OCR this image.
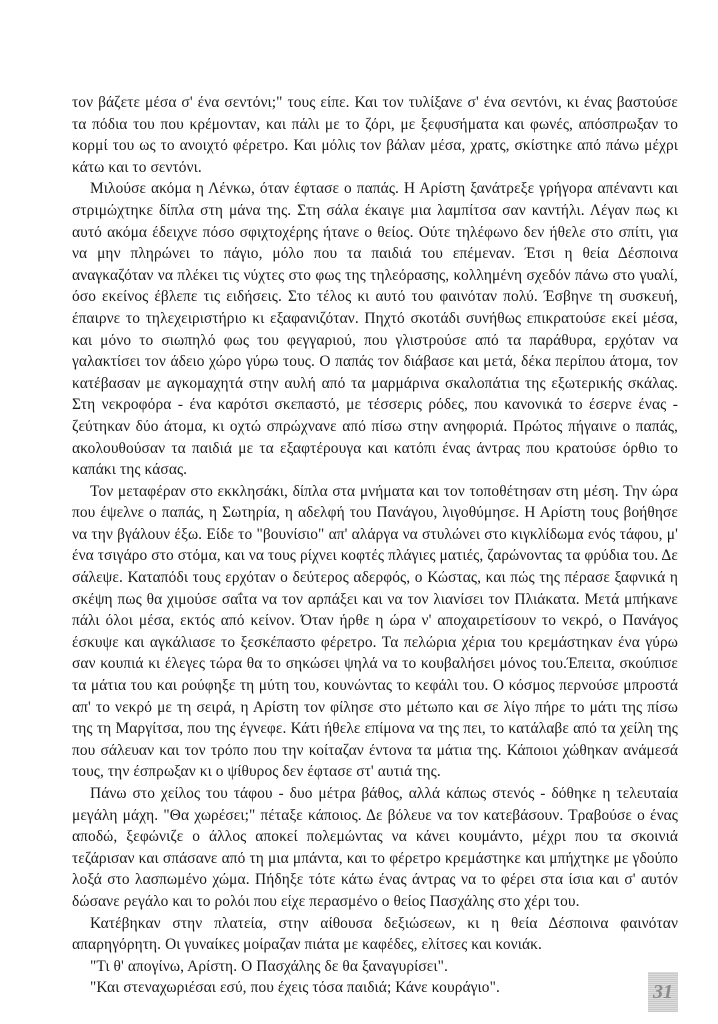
τον βάζετε μέσα σ' ένα σεντόνι;" τους είπε. Και τον τυλίξανε σ' ένα σεντόνι, κι ένας βαστούσε τα πόδια του που κρέμονταν, και πάλι με το ζόρι, με ξεφυσήματα και φωνές, απόσπρωξαν το κορμί του ως το ανοιχτό φέρετρο. Και μόλις τον βάλαν μέσα, χρατς, σκίστηκε από πάνω μέχρι κάτω και το σεντόνι.

Μιλούσε ακόμα η Λένκω, όταν έφτασε ο παπάς. Η Αρίστη ξανάτρεξε γρήγορα απέναντι και στριμώχτηκε δίπλα στη μάνα της. Στη σάλα έκαιγε μια λαμπίτσα σαν καντήλι. Λέγαν πως κι αυτό ακόμα έδειχνε πόσο σφιχτοχέρης ήτανε ο θείος. Ούτε τηλέφωνο δεν ήθελε στο σπίτι, για να μην πληρώνει το πάγιο, μόλο που τα παιδιά του επέμεναν. Έτσι η θεία Δέσποινα αναγκαζόταν να πλέκει τις νύχτες στο φως της τηλεόρασης, κολλημένη σχεδόν πάνω στο γυαλί, όσο εκείνος έβλεπε τις ειδήσεις. Στο τέλος κι αυτό του φαινόταν πολύ. Έσβηνε τη συσκευή, έπαιρνε το τηλεχειριστήριο κι εξαφανιζόταν. Πηχτό σκοτάδι συνήθως επικρατούσε εκεί μέσα, και μόνο το σιωπηλό φως του φεγγαριού, που γλιστρούσε από τα παράθυρα, ερχόταν να γαλακτίσει τον άδειο χώρο γύρω τους. Ο παπάς τον διάβασε και μετά, δέκα περίπου άτομα, τον κατέβασαν με αγκομαχητά στην αυλή από τα μαρμάρινα σκαλοπάτια της εξωτερικής σκάλας. Στη νεκροφόρα - ένα καρότσι σκεπαστό, με τέσσερις ρόδες, που κανονικά το έσερνε ένας - ζεύτηκαν δύο άτομα, κι οχτώ σπρώχνανε από πίσω στην ανηφοριά. Πρώτος πήγαινε ο παπάς, ακολουθούσαν τα παιδιά με τα εξαφτέρουγα και κατόπι ένας άντρας που κρατούσε όρθιο το καπάκι της κάσας.

Τον μεταφέραν στο εκκλησάκι, δίπλα στα μνήματα και τον τοποθέτησαν στη μέση. Την ώρα που έψελνε ο παπάς, η Σωτηρία, η αδελφή του Πανάγου, λιγοθύμησε. Η Αρίστη τους βοήθησε να την βγάλουν έξω. Είδε το "βουνίσιο" απ' αλάργα να στυλώνει στο κιγκλίδωμα ενός τάφου, μ' ένα τσιγάρο στο στόμα, και να τους ρίχνει κοφτές πλάγιες ματιές, ζαρώνοντας τα φρύδια του. Δε σάλεψε. Καταπόδι τους ερχόταν ο δεύτερος αδερφός, ο Κώστας, και πώς της πέρασε ξαφνικά η σκέψη πως θα χιμούσε σαΐτα να τον αρπάξει και να τον λιανίσει τον Πλιάκατα. Μετά μπήκανε πάλι όλοι μέσα, εκτός από κείνον. Όταν ήρθε η ώρα ν' αποχαιρετίσουν το νεκρό, ο Πανάγος έσκυψε και αγκάλιασε το ξεσκέπαστο φέρετρο. Τα πελώρια χέρια του κρεμάστηκαν ένα γύρω σαν κουπιά κι έλεγες τώρα θα το σηκώσει ψηλά να το κουβαλήσει μόνος του.Έπειτα, σκούπισε τα μάτια του και ρούφηξε τη μύτη του, κουνώντας το κεφάλι του. Ο κόσμος περνούσε μπροστά απ' το νεκρό με τη σειρά, η Αρίστη τον φίλησε στο μέτωπο και σε λίγο πήρε το μάτι της πίσω της τη Μαργίτσα, που της έγνεφε. Κάτι ήθελε επίμονα να της πει, το κατάλαβε από τα χείλη της που σάλευαν και τον τρόπο που την κοίταζαν έντονα τα μάτια της. Κάποιοι χώθηκαν ανάμεσά τους, την έσπρωξαν κι ο ψίθυρος δεν έφτασε στ' αυτιά της.

Πάνω στο χείλος του τάφου - δυο μέτρα βάθος, αλλά κάπως στενός - δόθηκε η τελευταία μεγάλη μάχη. "Θα χωρέσει;" πέταξε κάποιος. Δε βόλευε να τον κατεβάσουν. Τραβούσε ο ένας αποδώ, ξεφώνιζε ο άλλος αποκεί πολεμώντας να κάνει κουμάντο, μέχρι που τα σκοινιά τεζάρισαν και σπάσανε από τη μια μπάντα, και το φέρετρο κρεμάστηκε και μπήχτηκε με γδούπο λοξά στο λασπωμένο χώμα. Πήδηξε τότε κάτω ένας άντρας να το φέρει στα ίσια και σ' αυτόν δώσανε ρεγάλο και το ρολόι που είχε περασμένο ο θείος Πασχάλης στο χέρι του.

Κατέβηκαν στην πλατεία, στην αίθουσα δεξιώσεων, κι η θεία Δέσποινα φαινόταν απαρηγόρητη. Οι γυναίκες μοίραζαν πιάτα με καφέδες, ελίτσες και κονιάκ.

"Τι θ' απογίνω, Αρίστη. Ο Πασχάλης δε θα ξαναγυρίσει".

"Και στεναχωριέσαι εσύ, που έχεις τόσα παιδιά; Κάνε κουράγιο".	31
